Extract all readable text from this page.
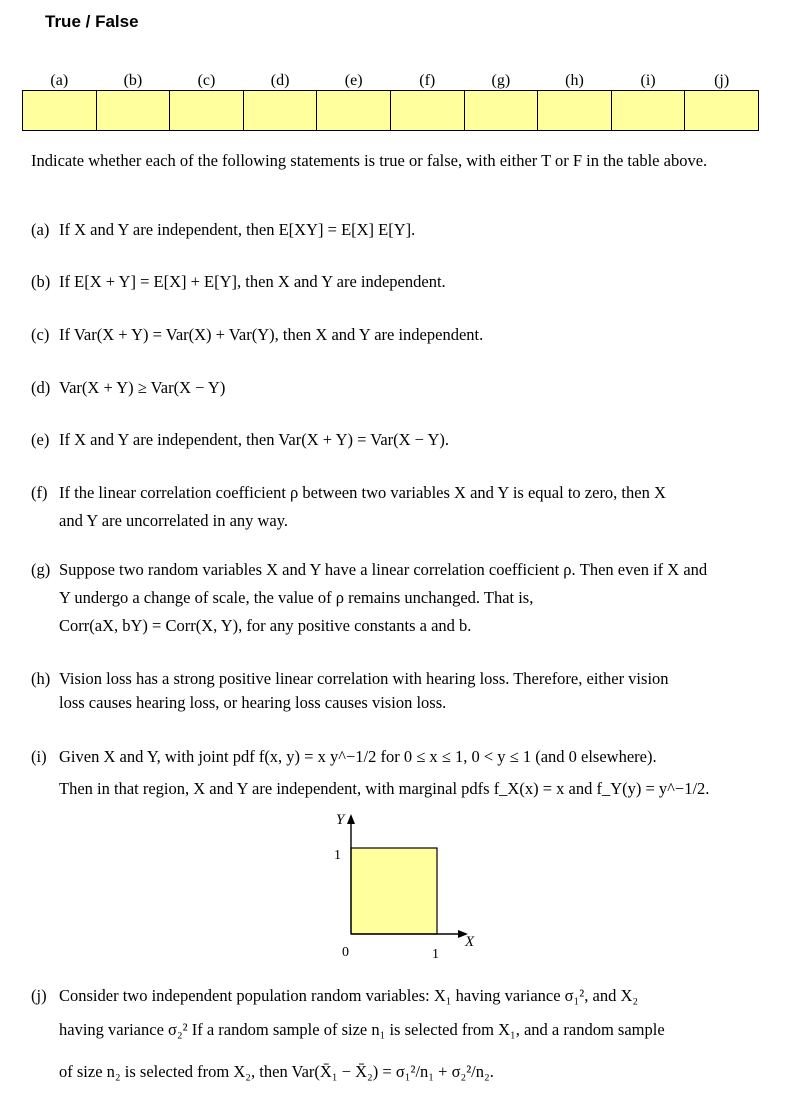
True / False
(a)	(b)	(c)	(d)	(e)	(f)	(g)	(h)	(i)	(j)

Indicate whether each of the following statements is true or false, with either T or F in the table above.
(a) If X and Y are independent, then E[XY] = E[X] E[Y].
(b) If E[X + Y] = E[X] + E[Y], then X and Y are independent.
(c) If Var(X + Y) = Var(X) + Var(Y), then X and Y are independent.
(d) Var(X + Y) ≥ Var(X − Y)
(e) If X and Y are independent, then Var(X + Y) = Var(X − Y).
(f) If the linear correlation coefficient ρ between two variables X and Y is equal to zero, then X
and Y are uncorrelated in any way.
(g) Suppose two random variables X and Y have a linear correlation coefficient ρ. Then even if X and
Y undergo a change of scale, the value of ρ remains unchanged. That is,
Corr(aX, bY) = Corr(X, Y), for any positive constants a and b.
(h) Vision loss has a strong positive linear correlation with hearing loss. Therefore, either vision
loss causes hearing loss, or hearing loss causes vision loss.
(i) Given X and Y, with joint pdf f(x, y) = x y^−1/2 for 0 ≤ x ≤ 1, 0 < y ≤ 1 (and 0 elsewhere).
Then in that region, X and Y are independent, with marginal pdfs f_X(x) = x and f_Y(y) = y^−1/2.
Y
X
1
0	1
(j) Consider two independent population random variables: X₁ having variance σ₁², and X₂
having variance σ₂² If a random sample of size n₁ is selected from X₁, and a random sample
of size n₂ is selected from X₂, then Var(X̄₁ − X̄₂) = σ₁²/n₁ + σ₂²/n₂.
